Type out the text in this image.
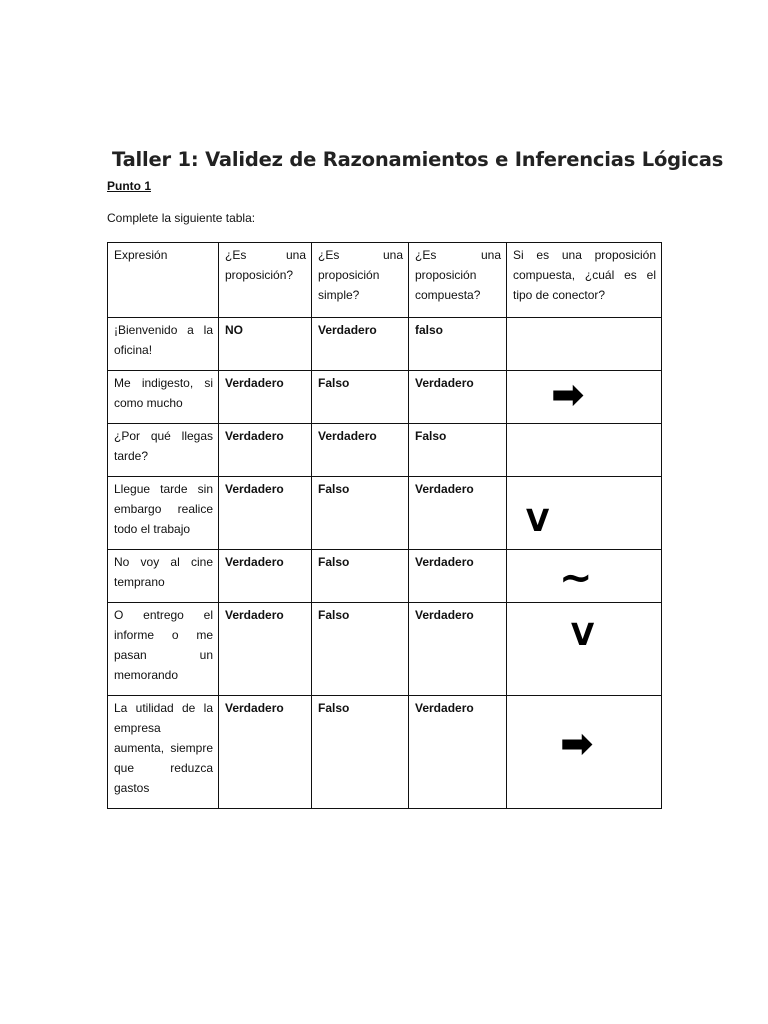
Taller 1: Validez de Razonamientos e Inferencias Lógicas
Punto 1
Complete la siguiente tabla:
Expresión	¿Es una proposición?	¿Es una proposición simple?	¿Es una proposición compuesta?	Si es una proposición compuesta, ¿cuál es el tipo de conector?
¡Bienvenido a la oficina!	NO	Verdadero	falso	

Me indigesto, si como mucho	Verdadero	Falso	Verdadero	➡

¿Por qué llegas tarde?	Verdadero	Verdadero	Falso	

Llegue tarde sin embargo realice todo el trabajo	Verdadero	Falso	Verdadero	V

No voy al cine temprano	Verdadero	Falso	Verdadero	~

O entrego el informe o me pasan un memorando	Verdadero	Falso	Verdadero	V

La utilidad de la empresa aumenta, siempre que reduzca gastos	Verdadero	Falso	Verdadero	➡
